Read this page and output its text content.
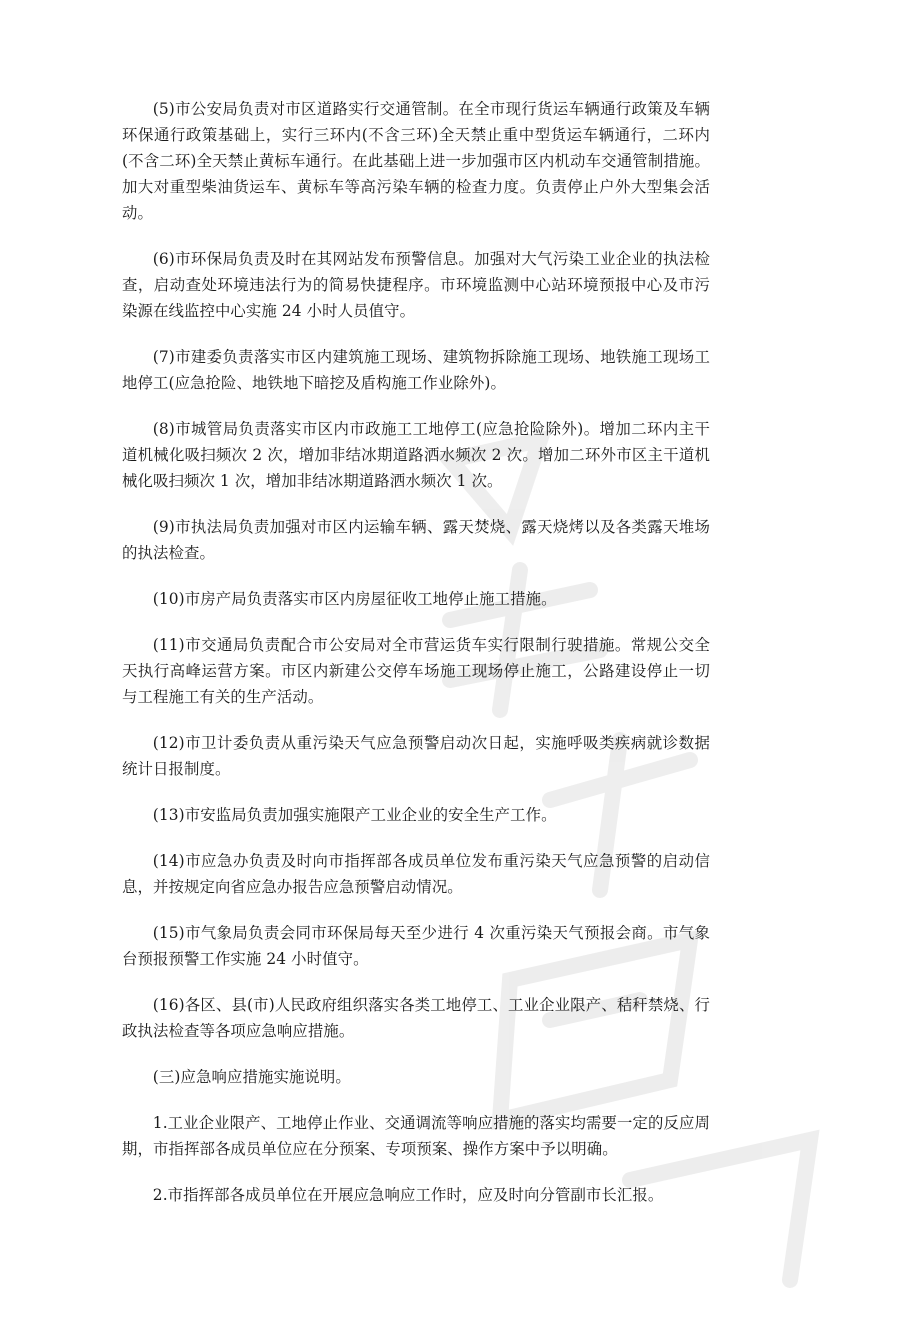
(5)市公安局负责对市区道路实行交通管制。在全市现行货运车辆通行政策及车辆环保通行政策基础上，实行三环内(不含三环)全天禁止重中型货运车辆通行，二环内(不含二环)全天禁止黄标车通行。在此基础上进一步加强市区内机动车交通管制措施。加大对重型柴油货运车、黄标车等高污染车辆的检查力度。负责停止户外大型集会活动。

(6)市环保局负责及时在其网站发布预警信息。加强对大气污染工业企业的执法检查，启动查处环境违法行为的简易快捷程序。市环境监测中心站环境预报中心及市污染源在线监控中心实施 24 小时人员值守。

(7)市建委负责落实市区内建筑施工现场、建筑物拆除施工现场、地铁施工现场工地停工(应急抢险、地铁地下暗挖及盾构施工作业除外)。

(8)市城管局负责落实市区内市政施工工地停工(应急抢险除外)。增加二环内主干道机械化吸扫频次 2 次，增加非结冰期道路洒水频次 2 次。增加二环外市区主干道机械化吸扫频次 1 次，增加非结冰期道路洒水频次 1 次。

(9)市执法局负责加强对市区内运输车辆、露天焚烧、露天烧烤以及各类露天堆场的执法检查。

(10)市房产局负责落实市区内房屋征收工地停止施工措施。

(11)市交通局负责配合市公安局对全市营运货车实行限制行驶措施。常规公交全天执行高峰运营方案。市区内新建公交停车场施工现场停止施工，公路建设停止一切与工程施工有关的生产活动。

(12)市卫计委负责从重污染天气应急预警启动次日起，实施呼吸类疾病就诊数据统计日报制度。

(13)市安监局负责加强实施限产工业企业的安全生产工作。

(14)市应急办负责及时向市指挥部各成员单位发布重污染天气应急预警的启动信息，并按规定向省应急办报告应急预警启动情况。

(15)市气象局负责会同市环保局每天至少进行 4 次重污染天气预报会商。市气象台预报预警工作实施 24 小时值守。

(16)各区、县(市)人民政府组织落实各类工地停工、工业企业限产、秸秆禁烧、行政执法检查等各项应急响应措施。

(三)应急响应措施实施说明。

1.工业企业限产、工地停止作业、交通调流等响应措施的落实均需要一定的反应周期，市指挥部各成员单位应在分预案、专项预案、操作方案中予以明确。

2.市指挥部各成员单位在开展应急响应工作时，应及时向分管副市长汇报。
